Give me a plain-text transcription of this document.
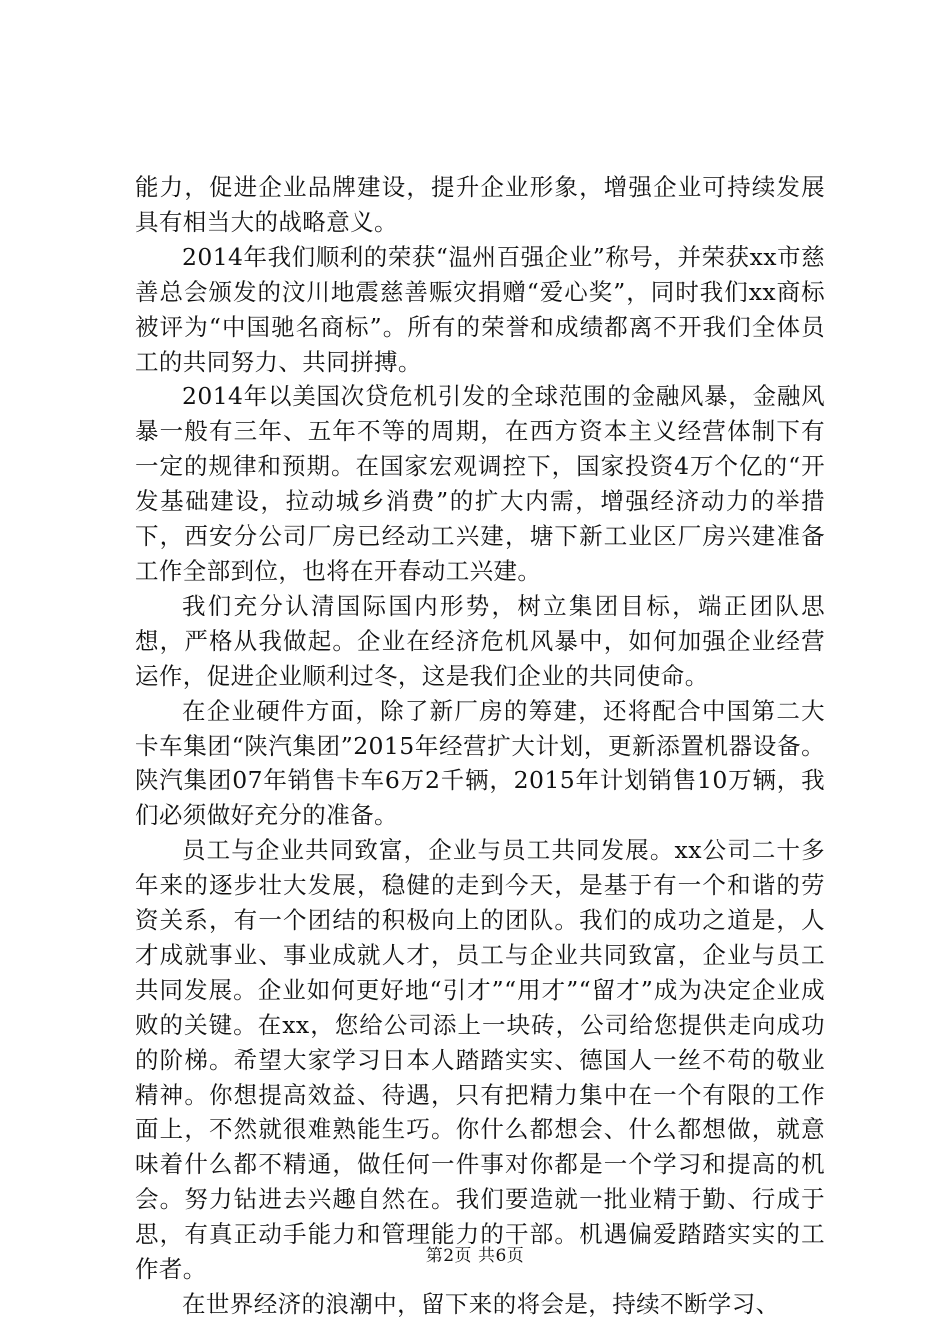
能力，促进企业品牌建设，提升企业形象，增强企业可持续发展具有相当大的战略意义。

2014年我们顺利的荣获“温州百强企业”称号，并荣获xx市慈善总会颁发的汶川地震慈善赈灾捐赠“爱心奖”，同时我们xx商标被评为“中国驰名商标”。所有的荣誉和成绩都离不开我们全体员工的共同努力、共同拼搏。

2014年以美国次贷危机引发的全球范围的金融风暴，金融风暴一般有三年、五年不等的周期，在西方资本主义经营体制下有一定的规律和预期。在国家宏观调控下，国家投资4万个亿的“开发基础建设，拉动城乡消费”的扩大内需，增强经济动力的举措下，西安分公司厂房已经动工兴建，塘下新工业区厂房兴建准备工作全部到位，也将在开春动工兴建。

我们充分认清国际国内形势，树立集团目标，端正团队思想，严格从我做起。企业在经济危机风暴中，如何加强企业经营运作，促进企业顺利过冬，这是我们企业的共同使命。

在企业硬件方面，除了新厂房的筹建，还将配合中国第二大卡车集团“陕汽集团”2015年经营扩大计划，更新添置机器设备。陕汽集团07年销售卡车6万2千辆，2015年计划销售10万辆，我们必须做好充分的准备。

员工与企业共同致富，企业与员工共同发展。xx公司二十多年来的逐步壮大发展，稳健的走到今天，是基于有一个和谐的劳资关系，有一个团结的积极向上的团队。我们的成功之道是，人才成就事业、事业成就人才，员工与企业共同致富，企业与员工共同发展。企业如何更好地“引才”“用才”“留才”成为决定企业成败的关键。在xx，您给公司添上一块砖，公司给您提供走向成功的阶梯。希望大家学习日本人踏踏实实、德国人一丝不苟的敬业精神。你想提高效益、待遇，只有把精力集中在一个有限的工作面上，不然就很难熟能生巧。你什么都想会、什么都想做，就意味着什么都不精通，做任何一件事对你都是一个学习和提高的机会。努力钻进去兴趣自然在。我们要造就一批业精于勤、行成于思，有真正动手能力和管理能力的干部。机遇偏爱踏踏实实的工作者。

在世界经济的浪潮中，留下来的将会是，持续不断学习、

第2页 共6页
